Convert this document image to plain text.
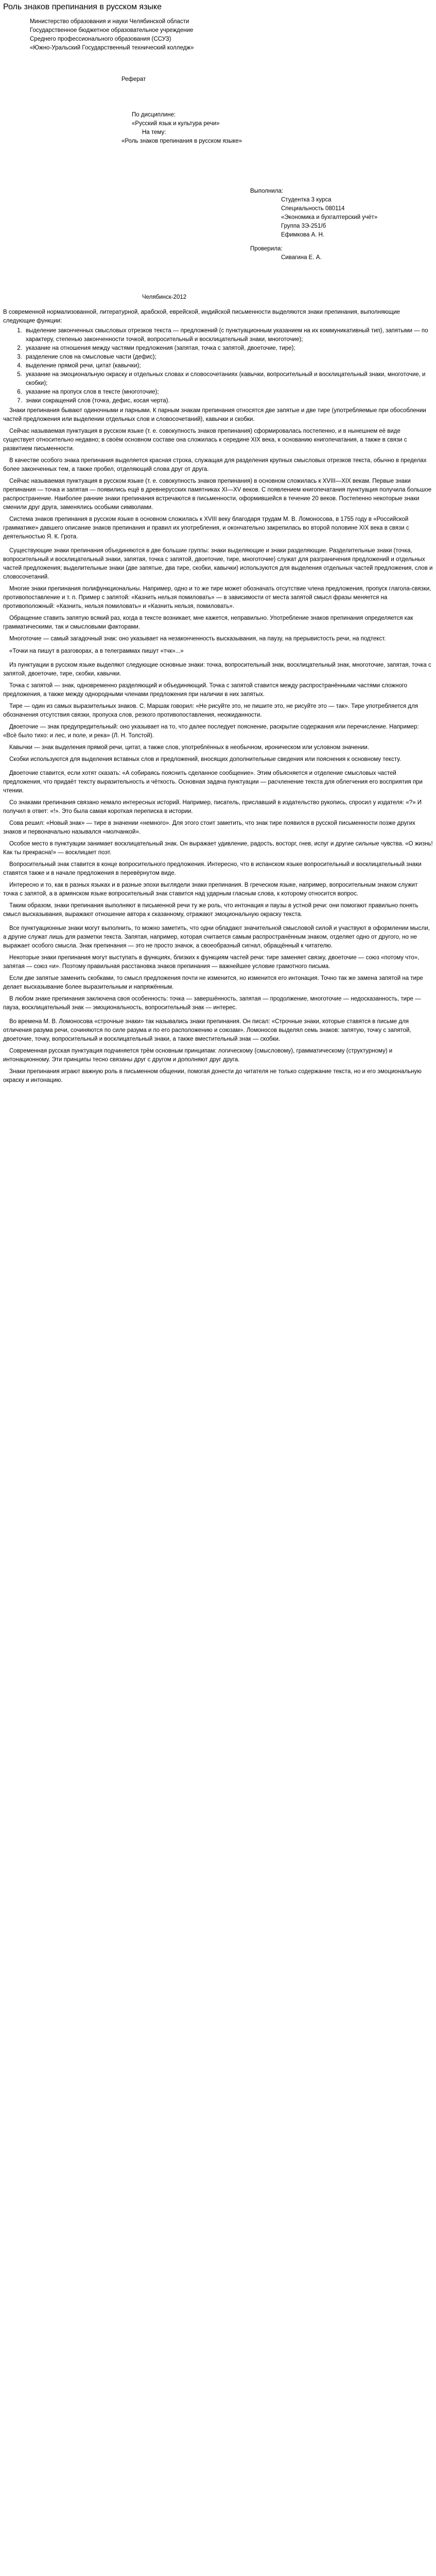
Роль знаков препинания в русском языке
Министерство образования и науки Челябинской области
Государственное бюджетное образовательное учреждение
Среднего профессионального образования (ССУЗ)
«Южно-Уральский Государственный технический колледж»
Реферат
По дисциплине:
«Русский язык и культура речи»
На тему:
«Роль знаков препинания в русском языке»
Выполнила:
Студентка 3 курса
Специальность 080114
«Экономика и бухгалтерский учёт»
Группа 3Э-251/б
Ефимкова А. Н.
Проверила:
Сивагина Е. А.
Челябинск-2012
В современной нормализованной, литературной, арабской, еврейской, индийской письменности выделяются знаки препинания, выполняющие следующие функции:
1. выделение законченных смысловых отрезков текста — предложений (с пунктуационным указанием на их коммуникативный тип), запятыми — по характеру, степенью законченности точкой, вопросительный и восклицательный знаки, многоточие);
2. указание на отношения между частями предложения (запятая, точка с запятой, двоеточие, тире);
3. разделение слов на смысловые части (дефис);
4. выделение прямой речи, цитат (кавычки);
5. указание на эмоциональную окраску и отдельных словах и словосочетаниях (кавычки, вопросительный и восклицательный знаки, многоточие, и скобки);
6. указание на пропуск слов в тексте (многоточие);
7. знаки сокращений слов (точка, дефис, косая черта).

Знаки препинания бывают одиночными и парными. К парным знакам препинания относятся две запятые и две тире (употребляемые при обособлении частей предложения или выделении отдельных слов и словосочетаний), кавычки и скобки.

Сейчас называемая пунктуация в русском языке (т. е. совокупность знаков препинания) сформировалась постепенно, и в нынешнем её виде существует относительно недавно; в своём основном составе она сложилась к середине XIX века, к основанию книгопечатания, а также в связи с развитием письменности.

В качестве особого знака препинания выделяется красная строка, служащая для разделения крупных смысловых отрезков текста, обычно в пределах более законченных тем, а также пробел, отделяющий слова друг от друга.

Сейчас называемая пунктуация в русском языке (т. е. совокупность знаков препинания) в основном сложилась к XVIII—XIX векам. Первые знаки препинания — точка и запятая — появились ещё в древнерусских памятниках XI—XV веков. С появлением книгопечатания пунктуация получила большое распространение. Наиболее ранние знаки препинания встречаются в письменности, оформившейся в течение 20 веков. Постепенно некоторые знаки сменили друг друга, заменялись особыми символами.

Система знаков препинания в русском языке в основном сложилась к XVIII веку благодаря трудам М. В. Ломоносова, в 1755 году в «Российской грамматике» давшего описание знаков препинания и правил их употребления, и окончательно закрепилась во второй половине XIX века в связи с деятельностью Я. К. Грота.

Существующие знаки препинания объединяются в две большие группы: знаки выделяющие и знаки разделяющие. Разделительные знаки (точка, вопросительный и восклицательный знаки, запятая, точка с запятой, двоеточие, тире, многоточие) служат для разграничения предложений и отдельных частей предложения; выделительные знаки (две запятые, два тире, скобки, кавычки) используются для выделения отдельных частей предложения, слов и словосочетаний.

Многие знаки препинания полифункциональны. Например, одно и то же тире может обозначать отсутствие члена предложения, пропуск глагола-связки, противопоставление и т. п. Пример с запятой: «Казнить нельзя помиловать» — в зависимости от места запятой смысл фразы меняется на противоположный: «Казнить, нельзя помиловать» и «Казнить нельзя, помиловать».

Обращение ставить запятую всякий раз, когда в тексте возникает, мне кажется, неправильно. Употребление знаков препинания определяется как грамматическими, так и смысловыми факторами.

Многоточие — самый загадочный знак: оно указывает на незаконченность высказывания, на паузу, на прерывистость речи, на подтекст.

«Точки на пишут в разговорах, а в телеграммах пишут «тчк»...»

Из пунктуации в русском языке выделяют следующие основные знаки: точка, вопросительный знак, восклицательный знак, многоточие, запятая, точка с запятой, двоеточие, тире, скобки, кавычки.

Точка с запятой — знак, одновременно разделяющий и объединяющий. Точка с запятой ставится между распространёнными частями сложного предложения, а также между однородными членами предложения при наличии в них запятых.

Тире — один из самых выразительных знаков. С. Маршак говорил: «Не рисуйте это, не пишите это, не рисуйте это — так». Тире употребляется для обозначения отсутствия связки, пропуска слов, резкого противопоставления, неожиданности.

Двоеточие — знак предупредительный: оно указывает на то, что далее последует пояснение, раскрытие содержания или перечисление. Например: «Всё было тихо: и лес, и поле, и река» (Л. Н. Толстой).

Кавычки — знак выделения прямой речи, цитат, а также слов, употреблённых в необычном, ироническом или условном значении.

Скобки используются для выделения вставных слов и предложений, вносящих дополнительные сведения или пояснения к основному тексту.

Двоеточие ставится, если хотят сказать: «А собираясь пояснить сделанное сообщение». Этим объясняется и отделение смысловых частей предложения, что придаёт тексту выразительность и чёткость. Основная задача пунктуации — расчленение текста для облегчения его восприятия при чтении.

Со знаками препинания связано немало интересных историй. Например, писатель, приславший в издательство рукопись, спросил у издателя: «?» И получил в ответ: «!». Это была самая короткая переписка в истории.

Сова решил: «Новый знак» — тире в значении «немного». Для этого стоит заметить, что знак тире появился в русской письменности позже других знаков и первоначально назывался «молчанкой».

Особое место в пунктуации занимает восклицательный знак. Он выражает удивление, радость, восторг, гнев, испуг и другие сильные чувства. «О жизнь! Как ты прекрасна!» — восклицает поэт.

Вопросительный знак ставится в конце вопросительного предложения. Интересно, что в испанском языке вопросительный и восклицательный знаки ставятся также и в начале предложения в перевёрнутом виде.

Интересно и то, как в разных языках и в разные эпохи выглядели знаки препинания. В греческом языке, например, вопросительным знаком служит точка с запятой, а в армянском языке вопросительный знак ставится над ударным гласным слова, к которому относится вопрос.

Таким образом, знаки препинания выполняют в письменной речи ту же роль, что интонация и паузы в устной речи: они помогают правильно понять смысл высказывания, выражают отношение автора к сказанному, отражают эмоциональную окраску текста.

Все пунктуационные знаки могут выполнить, то можно заметить, что одни обладают значительной смысловой силой и участвуют в оформлении мысли, а другие служат лишь для разметки текста. Запятая, например, которая считается самым распространённым знаком, отделяет одно от другого, но не выражает особого смысла. Знак препинания — это не просто значок, а своеобразный сигнал, обращённый к читателю.

Некоторые знаки препинания могут выступать в функциях, близких к функциям частей речи: тире заменяет связку, двоеточие — союз «потому что», запятая — союз «и». Поэтому правильная расстановка знаков препинания — важнейшее условие грамотного письма.

Если две запятые заменить скобками, то смысл предложения почти не изменится, но изменится его интонация. Точно так же замена запятой на тире делает высказывание более выразительным и напряжённым.

В любом знаке препинания заключена своя особенность: точка — завершённость, запятая — продолжение, многоточие — недосказанность, тире — пауза, восклицательный знак — эмоциональность, вопросительный знак — интерес.

Во времена М. В. Ломоносова «строчные знаки» так назывались знаки препинания. Он писал: «Строчные знаки, которые ставятся в письме для отличения разума речи, сочиняются по силе разума и по его расположению и союзам». Ломоносов выделял семь знаков: запятую, точку с запятой, двоеточие, точку, вопросительный и восклицательный знаки, а также вместительный знак — скобки.

Современная русская пунктуация подчиняется трём основным принципам: логическому (смысловому), грамматическому (структурному) и интонационному. Эти принципы тесно связаны друг с другом и дополняют друг друга.

Знаки препинания играют важную роль в письменном общении, помогая донести до читателя не только содержание текста, но и его эмоциональную окраску и интонацию.
